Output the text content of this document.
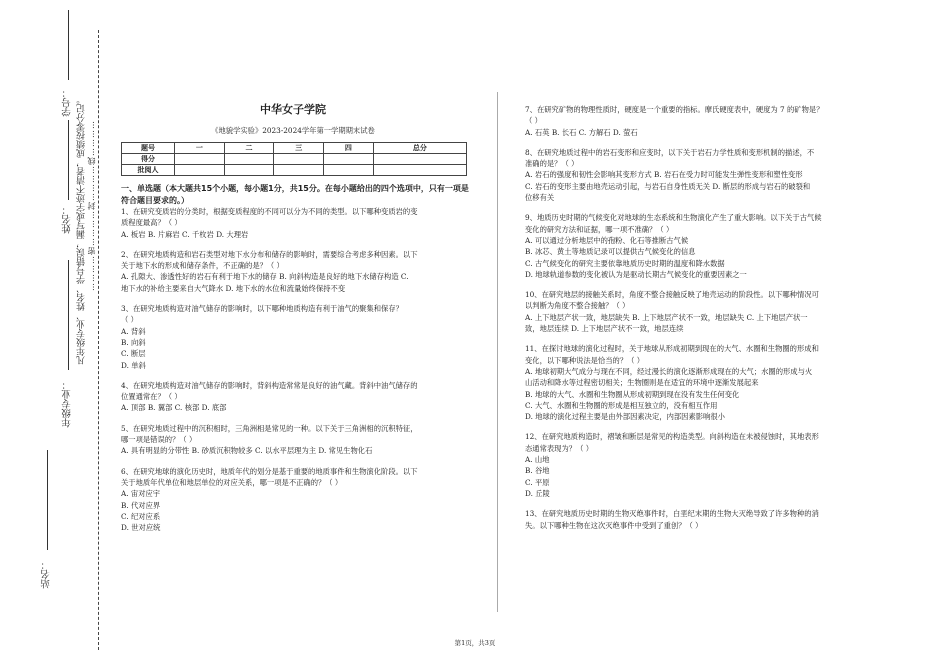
学号：
姓名： 凡年级专业、姓名、学号错误，漏写或字迹不清者，成绩按零分记。 …………密…………封…………线…………
年级专业：
站名：
中华女子学院
《地貌学实验》2023-2024学年第一学期期末试卷
题号	一	二	三	四	总分
得分					
批阅人					
一、单选题（本大题共15个小题，每小题1分，共15分。在每小题给出的四个选项中，只有一项是符合题目要求的。）
1、在研究变质岩的分类时，根据变质程度的不同可以分为不同的类型。以下哪种变质岩的变
质程度最高？（ ）
A. 板岩 B. 片麻岩 C. 千枚岩 D. 大理岩
2、在研究地质构造和岩石类型对地下水分布和储存的影响时，需要综合考虑多种因素。以下
关于地下水的形成和储存条件，不正确的是？（ ）
A. 孔隙大、渗透性好的岩石有利于地下水的储存 B. 向斜构造是良好的地下水储存构造 C.
地下水的补给主要来自大气降水 D. 地下水的水位和流量始终保持不变
3、在研究地质构造对油气储存的影响时，以下哪种地质构造有利于油气的聚集和保存？
（ ）
A. 背斜
B. 向斜
C. 断层
D. 单斜
4、在研究地质构造对油气储存的影响时，背斜构造常常是良好的油气藏。背斜中油气储存的
位置通常在？（ ）
A. 顶部 B. 翼部 C. 核部 D. 底部
5、在研究地质过程中的沉积相时，三角洲相是常见的一种。以下关于三角洲相的沉积特征，
哪一项是错误的？（ ）
A. 具有明显的分带性 B. 砂质沉积物较多 C. 以水平层理为主 D. 常见生物化石
6、在研究地球的演化历史时，地质年代的划分是基于重要的地质事件和生物演化阶段。以下
关于地质年代单位和地层单位的对应关系，哪一项是不正确的？（ ）
A. 宙对应宇
B. 代对应界
C. 纪对应系
D. 世对应统
7、在研究矿物的物理性质时，硬度是一个重要的指标。摩氏硬度表中，硬度为 7 的矿物是？
（ ）
A. 石英 B. 长石 C. 方解石 D. 萤石
8、在研究地质过程中的岩石变形和应变时，以下关于岩石力学性质和变形机制的描述，不
准确的是？（ ）
A. 岩石的强度和韧性会影响其变形方式 B. 岩石在受力时可能发生弹性变形和塑性变形
C. 岩石的变形主要由地壳运动引起，与岩石自身性质无关 D. 断层的形成与岩石的破裂和
位移有关
9、地质历史时期的气候变化对地球的生态系统和生物演化产生了重大影响。以下关于古气候
变化的研究方法和证据，哪一项不准确？（ ）
A. 可以通过分析地层中的孢粉、化石等推断古气候
B. 冰芯、黄土等地质记录可以提供古气候变化的信息
C. 古气候变化的研究主要依靠地质历史时期的温度和降水数据
D. 地球轨道参数的变化被认为是驱动长期古气候变化的重要因素之一
10、在研究地层的接触关系时，角度不整合接触反映了地壳运动的阶段性。以下哪种情况可
以判断为角度不整合接触？（ ）
A. 上下地层产状一致，地层缺失 B. 上下地层产状不一致，地层缺失 C. 上下地层产状一
致，地层连续 D. 上下地层产状不一致，地层连续
11、在探讨地球的演化过程时，关于地球从形成初期到现在的大气、水圈和生物圈的形成和
变化，以下哪种说法是恰当的？（ ）
A. 地球初期大气成分与现在不同，经过漫长的演化逐渐形成现在的大气；水圈的形成与火
山活动和降水等过程密切相关；生物圈则是在适宜的环境中逐渐发展起来
B. 地球的大气、水圈和生物圈从形成初期到现在没有发生任何变化
C. 大气、水圈和生物圈的形成是相互独立的，没有相互作用
D. 地球的演化过程主要是由外部因素决定，内部因素影响很小
12、在研究地质构造时，褶皱和断层是常见的构造类型。向斜构造在未被侵蚀时，其地表形
态通常表现为？（ ）
A. 山地
B. 谷地
C. 平原
D. 丘陵
13、在研究地质历史时期的生物灭绝事件时，白垩纪末期的生物大灭绝导致了许多物种的消
失。以下哪种生物在这次灭绝事件中受到了重创？（ ）
第1页，共3页
